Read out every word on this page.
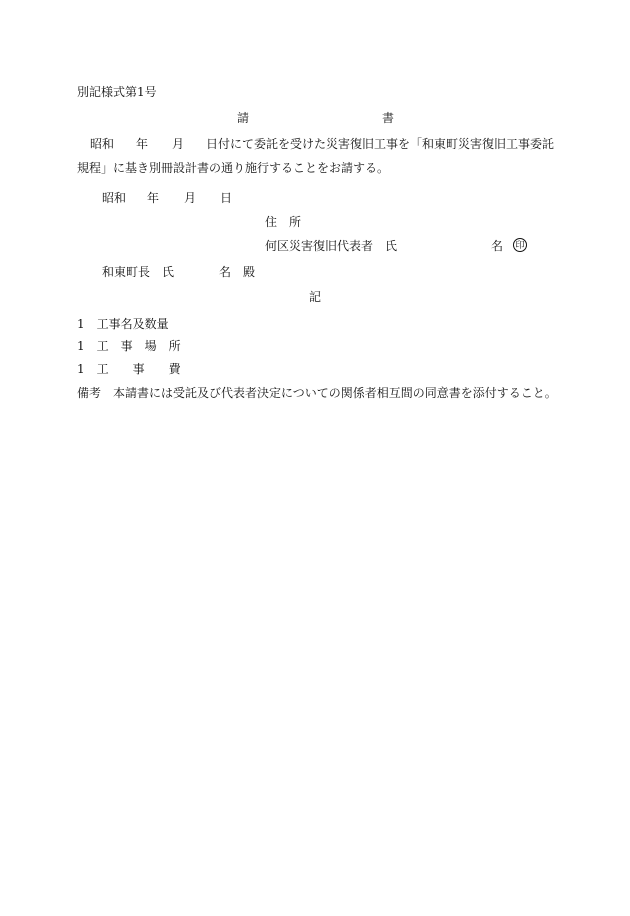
別記様式第1号
請	書
昭和 年 月 日付にて委託を受けた災害復旧工事を「和東町災害復旧工事委託
規程」に基き別冊設計書の通り施行することをお請する。
昭和 年 月 日
住　所
何区災害復旧代表者　氏	名 印
和東町長　氏	名　殿
記
1　工事名及数量
1　工　事　場　所
1　工　　事　　費
備考　本請書には受託及び代表者決定についての関係者相互間の同意書を添付すること。
